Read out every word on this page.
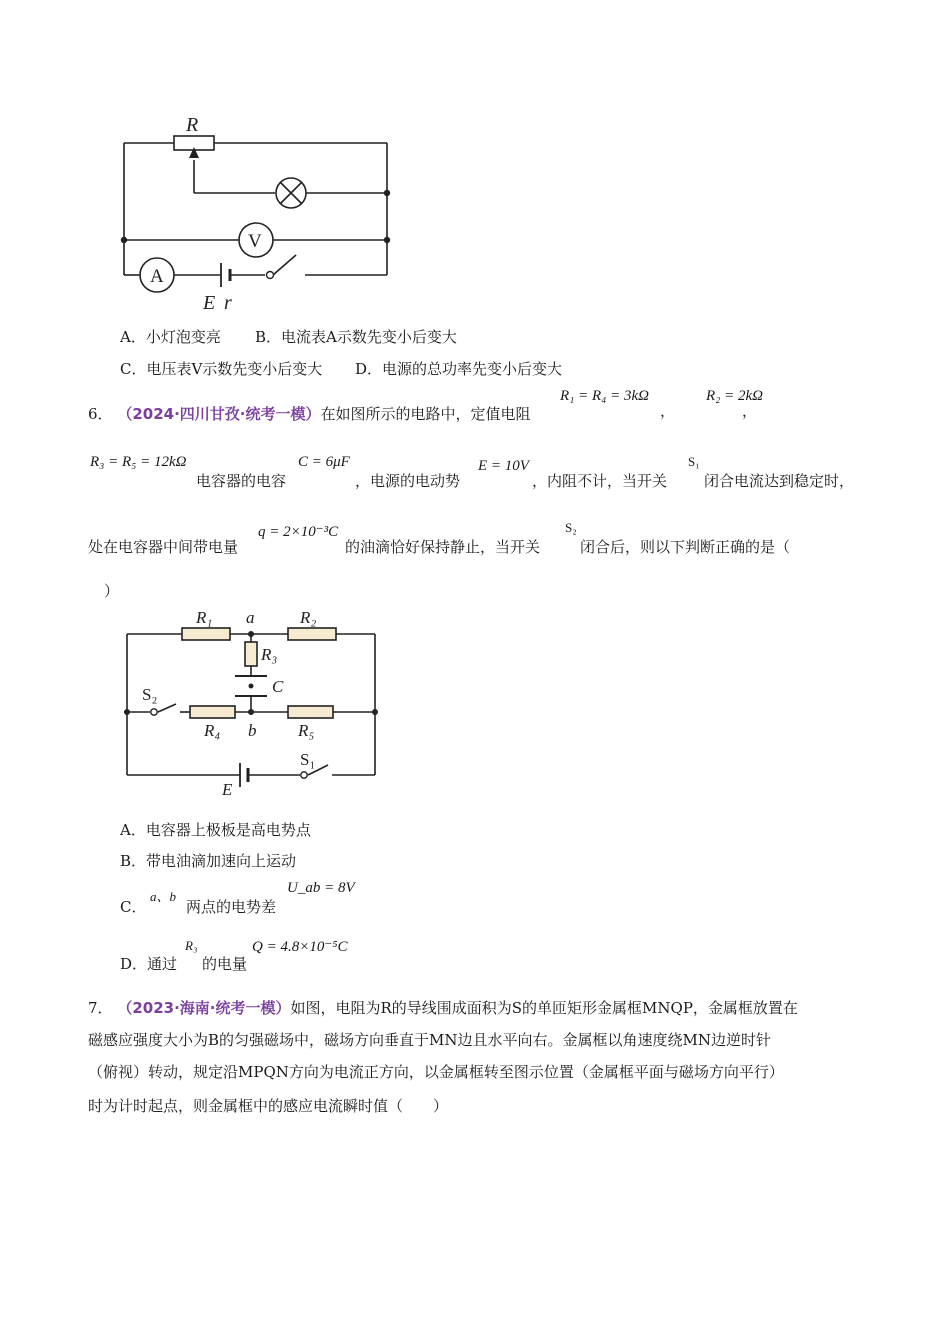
R
V
A
E r
A．小灯泡变亮 B．电流表A示数先变小后变大
C．电压表V示数先变小后变大 D．电源的总功率先变小后变大
6． （2024·四川甘孜·统考一模）在如图所示的电路中，定值电阻
R₁ = R₄ = 3kΩ
，
R₂ = 2kΩ
，
R₃ = R₅ = 12kΩ
电容器的电容
C = 6μF
，电源的电动势
E = 10V
，内阻不计，当开关
S₁
闭合电流达到稳定时，
处在电容器中间带电量
q = 2×10⁻³C
的油滴恰好保持静止，当开关
S₂
闭合后，则以下判断正确的是（
）
R₁ a	R₂
R₃
C
S₂
R₄ b R₅
S₁
E
A．电容器上极板是高电势点
B．带电油滴加速向上运动
C．
a、b
两点的电势差
U_ab = 8V
D．通过
R₃
的电量
Q = 4.8×10⁻⁵C
7． （2023·海南·统考一模）如图，电阻为R的导线围成面积为S的单匝矩形金属框MNQP，金属框放置在
磁感应强度大小为B的匀强磁场中，磁场方向垂直于MN边且水平向右。金属框以角速度绕MN边逆时针
（俯视）转动，规定沿MPQN方向为电流正方向，以金属框转至图示位置（金属框平面与磁场方向平行）
时为计时起点，则金属框中的感应电流瞬时值（　　）
